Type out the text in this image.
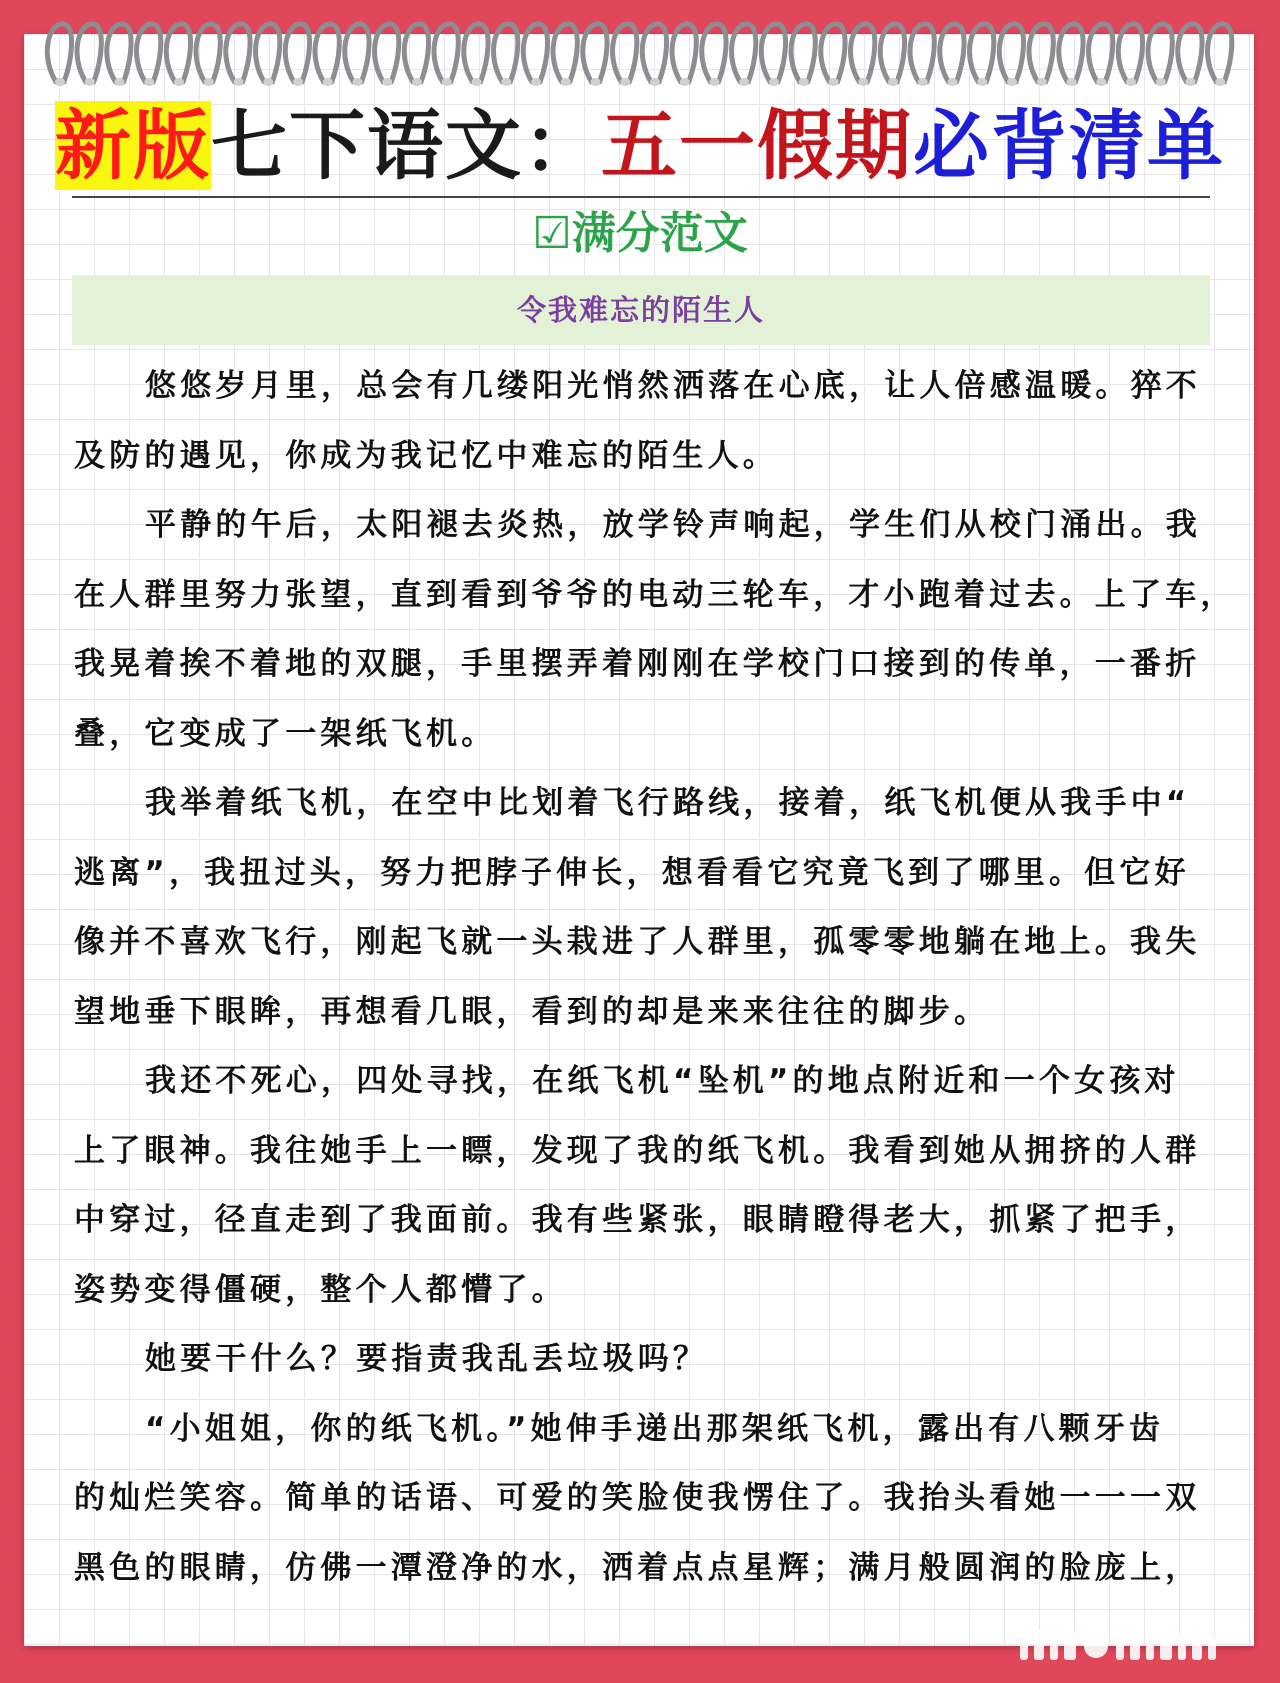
新版七下语文：五一假期必背清单
☑满分范文
令我难忘的陌生人
悠悠岁月里，总会有几缕阳光悄然洒落在心底，让人倍感温暖。猝不
及防的遇见，你成为我记忆中难忘的陌生人。
平静的午后，太阳褪去炎热，放学铃声响起，学生们从校门涌出。我
在人群里努力张望，直到看到爷爷的电动三轮车，才小跑着过去。上了车，
我晃着挨不着地的双腿，手里摆弄着刚刚在学校门口接到的传单，一番折
叠，它变成了一架纸飞机。
我举着纸飞机，在空中比划着飞行路线，接着，纸飞机便从我手中“
逃离”，我扭过头，努力把脖子伸长，想看看它究竟飞到了哪里。但它好
像并不喜欢飞行，刚起飞就一头栽进了人群里，孤零零地躺在地上。我失
望地垂下眼眸，再想看几眼，看到的却是来来往往的脚步。
我还不死心，四处寻找，在纸飞机“坠机”的地点附近和一个女孩对
上了眼神。我往她手上一瞟，发现了我的纸飞机。我看到她从拥挤的人群
中穿过，径直走到了我面前。我有些紧张，眼睛瞪得老大，抓紧了把手，
姿势变得僵硬，整个人都懵了。
她要干什么？要指责我乱丢垃圾吗？
“小姐姐，你的纸飞机。”她伸手递出那架纸飞机，露出有八颗牙齿
的灿烂笑容。简单的话语、可爱的笑脸使我愣住了。我抬头看她一一一双
黑色的眼睛，仿佛一潭澄净的水，洒着点点星辉；满月般圆润的脸庞上，
